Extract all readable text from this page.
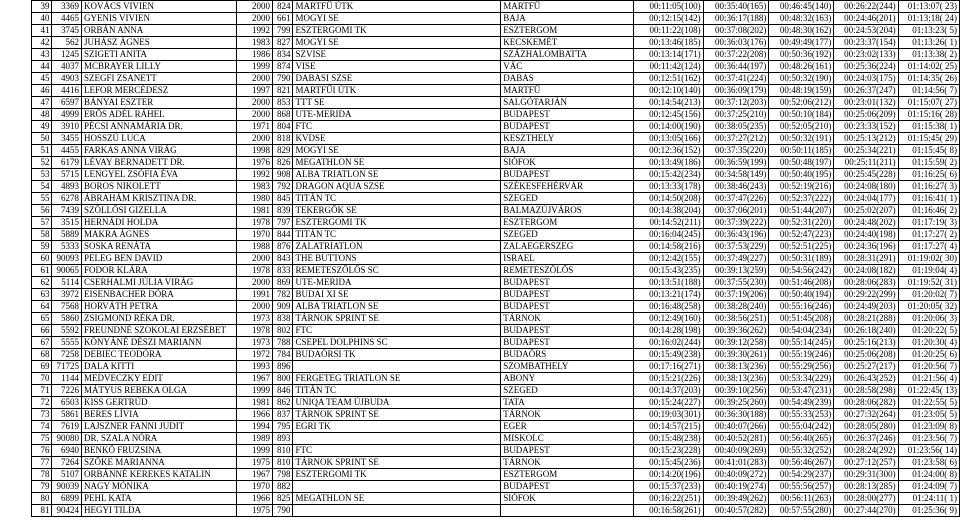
39	3369	KOVÁCS VIVIEN	2000	824	MARTFŰ ÚTK	MARTFŰ	00:11:05(100)	00:35:40(165)	00:46:45(140)	00:26:22(244)	01:13:07( 23)
40	4465	GYENIS VIVIEN	2000	661	MOGYI SE	BAJA	00:12:15(142)	00:36:17(188)	00:48:32(163)	00:24:46(201)	01:13:18( 24)
41	3745	ORBÁN ANNA	1992	799	ESZTERGOMI TK	ESZTERGOM	00:11:22(108)	00:37:08(202)	00:48:30(162)	00:24:53(204)	01:13:23( 5)
42	562	JUHÁSZ ÁGNES	1983	827	MOGYI SE	KECSKEMÉT	00:13:46(185)	00:36:03(176)	00:49:49(177)	00:23:37(154)	01:13:26( 1)
43	1245	SZIGETI ANITA	1986	834	SZVISE	SZÁZHALOMBATTA	00:13:14(171)	00:37:22(208)	00:50:36(192)	00:23:02(133)	01:13:38( 2)
44	4037	MCBRAYER LILLY	1999	874	VISE	VÁC	00:11:42(124)	00:36:44(197)	00:48:26(161)	00:25:36(224)	01:14:02( 25)
45	4903	SZEGFI ZSANETT	2000	790	DABASI SZSE	DABAS	00:12:51(162)	00:37:41(224)	00:50:32(190)	00:24:03(175)	01:14:35( 26)
46	4416	LEFOR MERCÉDESZ	1997	821	MARTFŰI ÚTK	MARTFŰ	00:12:10(140)	00:36:09(179)	00:48:19(159)	00:26:37(247)	01:14:56( 7)
47	6597	BÁNYAI ESZTER	2000	853	TTT SE	SALGÓTARJÁN	00:14:54(213)	00:37:12(203)	00:52:06(212)	00:23:01(132)	01:15:07( 27)
48	4999	ERŐS ADÉL RÁHEL	2000	868	UTE-MERIDA	BUDAPEST	00:12:45(156)	00:37:25(210)	00:50:10(184)	00:25:06(209)	01:15:16( 28)
49	3910	PÉCSI ANNAMÁRIA DR.	1971	804	FTC	BUDAPEST	00:14:00(190)	00:38:05(235)	00:52:05(210)	00:23:33(152)	01:15:38( 1)
50	3455	HOSSZÚ LUCA	2000	818	KVDSE	KESZTHELY	00:13:05(166)	00:37:27(212)	00:50:32(191)	00:25:13(212)	01:15:45( 29)
51	4455	FARKAS ANNA VIRÁG	1998	829	MOGYI SE	BAJA	00:12:36(152)	00:37:35(220)	00:50:11(185)	00:25:34(221)	01:15:45( 8)
52	6179	LÉVAY BERNADETT DR.	1976	826	MEGATHLON SE	SIÓFOK	00:13:49(186)	00:36:59(199)	00:50:48(197)	00:25:11(211)	01:15:59( 2)
53	5715	LENGYEL ZSÓFIA ÉVA	1992	908	ALBA TRIATLON SE	BUDAPEST	00:15:42(234)	00:34:58(149)	00:50:40(195)	00:25:45(228)	01:16:25( 6)
54	4893	BOROS NIKOLETT	1983	792	DRAGON AQUA SZSE	SZÉKESFEHÉRVÁR	00:13:33(178)	00:38:46(243)	00:52:19(216)	00:24:08(180)	01:16:27( 3)
55	6278	ÁBRAHÁM KRISZTINA DR.	1980	845	TITÁN TC	SZEGED	00:14:50(208)	00:37:47(226)	00:52:37(222)	00:24:04(177)	01:16:41( 1)
56	7439	SZŐLLŐSI GIZELLA	1981	839	TEKERGŐK SE	BALMAZÚJVÁROS	00:14:38(204)	00:37:06(201)	00:51:44(207)	00:25:02(207)	01:16:46( 2)
57	3515	HERNÁDI HOLDA	1978	797	ESZTERGOMI TK	ESZTERGOM	00:14:52(211)	00:37:39(222)	00:52:31(220)	00:24:48(202)	01:17:19( 3)
58	5889	MAKRA ÁGNES	1970	844	TITÁN TC	SZEGED	00:16:04(245)	00:36:43(196)	00:52:47(223)	00:24:40(198)	01:17:27( 2)
59	5333	SOSKA RENÁTA	1988	876	ZALATRIATLON	ZALAEGERSZEG	00:14:58(216)	00:37:53(229)	00:52:51(225)	00:24:36(196)	01:17:27( 4)
60	90093	PELEG BEN DAVID	2000	843	THE BUTTONS	ISRAEL	00:12:42(155)	00:37:49(227)	00:50:31(189)	00:28:31(291)	01:19:02( 30)
61	90065	FODOR KLÁRA	1978	833	REMETESZŐLŐS SC	REMETESZŐLŐS	00:15:43(235)	00:39:13(259)	00:54:56(242)	00:24:08(182)	01:19:04( 4)
62	5114	CSERHALMI JÚLIA VIRÁG	2000	869	UTE-MERIDA	BUDAPEST	00:13:51(188)	00:37:55(230)	00:51:46(208)	00:28:06(283)	01:19:52( 31)
63	3972	EISENBACHER DÓRA	1991	782	BUDAI XI SE	BUDAPEST	00:13:21(174)	00:37:19(206)	00:50:40(194)	00:29:22(299)	01:20:02( 7)
64	7568	HORVÁTH PETRA	2000	909	ALBA TRIATLON SE	BUDAPEST	00:16:48(258)	00:38:28(240)	00:55:16(246)	00:24:49(203)	01:20:05( 32)
65	5860	ZSIGMOND RÉKA DR.	1973	838	TÁRNOK SPRINT SE	TÁRNOK	00:12:49(160)	00:38:56(251)	00:51:45(208)	00:28:21(288)	01:20:06( 3)
66	5592	FREUNDNÉ SZOKOLAI ERZSÉBET	1978	802	FTC	BUDAPEST	00:14:28(198)	00:39:36(262)	00:54:04(234)	00:26:18(240)	01:20:22( 5)
67	5555	KÖNYÁNÉ DÉSZI MARIANN	1973	788	CSEPEL DOLPHINS SC	BUDAPEST	00:16:02(244)	00:39:12(258)	00:55:14(245)	00:25:16(213)	01:20:30( 4)
68	7258	DEBIEC TEODÓRA	1972	784	BUDAÖRSI TK	BUDAÖRS	00:15:49(238)	00:39:30(261)	00:55:19(246)	00:25:06(208)	01:20:25( 6)
69	71725	DALA KITTI	1993	896		SZOMBATHELY	00:17:16(271)	00:38:13(236)	00:55:29(256)	00:25:27(217)	01:20:56( 7)
70	1144	MEDVECZKY EDIT	1967	800	FERGETEG TRIATLON SE	ABONY	00:15:21(226)	00:38:13(236)	00:53:34(229)	00:26:43(252)	01:21:56( 4)
71	7226	MÁTYUS REBEKA OLGA	1999	846	TITÁN TC	SZEGED	00:14:37(203)	00:39:10(256)	00:53:47(231)	00:28:58(298)	01:22:45( 13)
72	6503	KISS GERTRÚD	1981	862	UNIQA TEAM ÚJBUDA	TATA	00:15:24(227)	00:39:25(260)	00:54:49(239)	00:28:06(282)	01:22:55( 5)
73	5861	BERES LÍVIA	1966	837	TÁRNOK SPRINT SE	TÁRNOK	00:19:03(301)	00:36:30(188)	00:55:33(253)	00:27:32(264)	01:23:05( 5)
74	7619	LAJSZNER FANNI JUDIT	1994	795	EGRI TK	EGER	00:14:57(215)	00:40:07(266)	00:55:04(242)	00:28:05(280)	01:23:09( 8)
75	90080	DR. SZALA NÓRA	1989	893		MISKOLC	00:15:48(238)	00:40:52(281)	00:56:40(265)	00:26:37(246)	01:23:56( 7)
76	6940	BENKŐ FRUZSINA	1999	810	FTC	BUDAPEST	00:15:23(228)	00:40:09(269)	00:55:32(252)	00:28:24(292)	01:23:56( 14)
77	7264	SZŐKE MARIANNA	1975	810	TÁRNOK SPRINT SE	TÁRNOK	00:15:45(236)	00:41:01(283)	00:56:46(267)	00:27:12(257)	01:23:58( 6)
78	5107	ORBÁNNÉ KEREKES KATALIN	1967	798	ESZTERGOMI TK	ESZTERGOM	00:14:20(196)	00:40:09(272)	00:54:29(237)	00:29:31(300)	01:24:00( 8)
79	90039	NAGY MÓNIKA	1970	882		BUDAPEST	00:15:37(233)	00:40:19(274)	00:55:56(257)	00:28:13(285)	01:24:09( 7)
80	6899	PEHL KATA	1966	825	MEGATHLON SE	SIÓFOK	00:16:22(251)	00:39:49(262)	00:56:11(263)	00:28:00(277)	01:24:11( 1)
81	90424	HEGYI TILDA	1975	790			00:16:58(261)	00:40:57(282)	00:57:55(280)	00:27:44(270)	01:25:36( 9)
